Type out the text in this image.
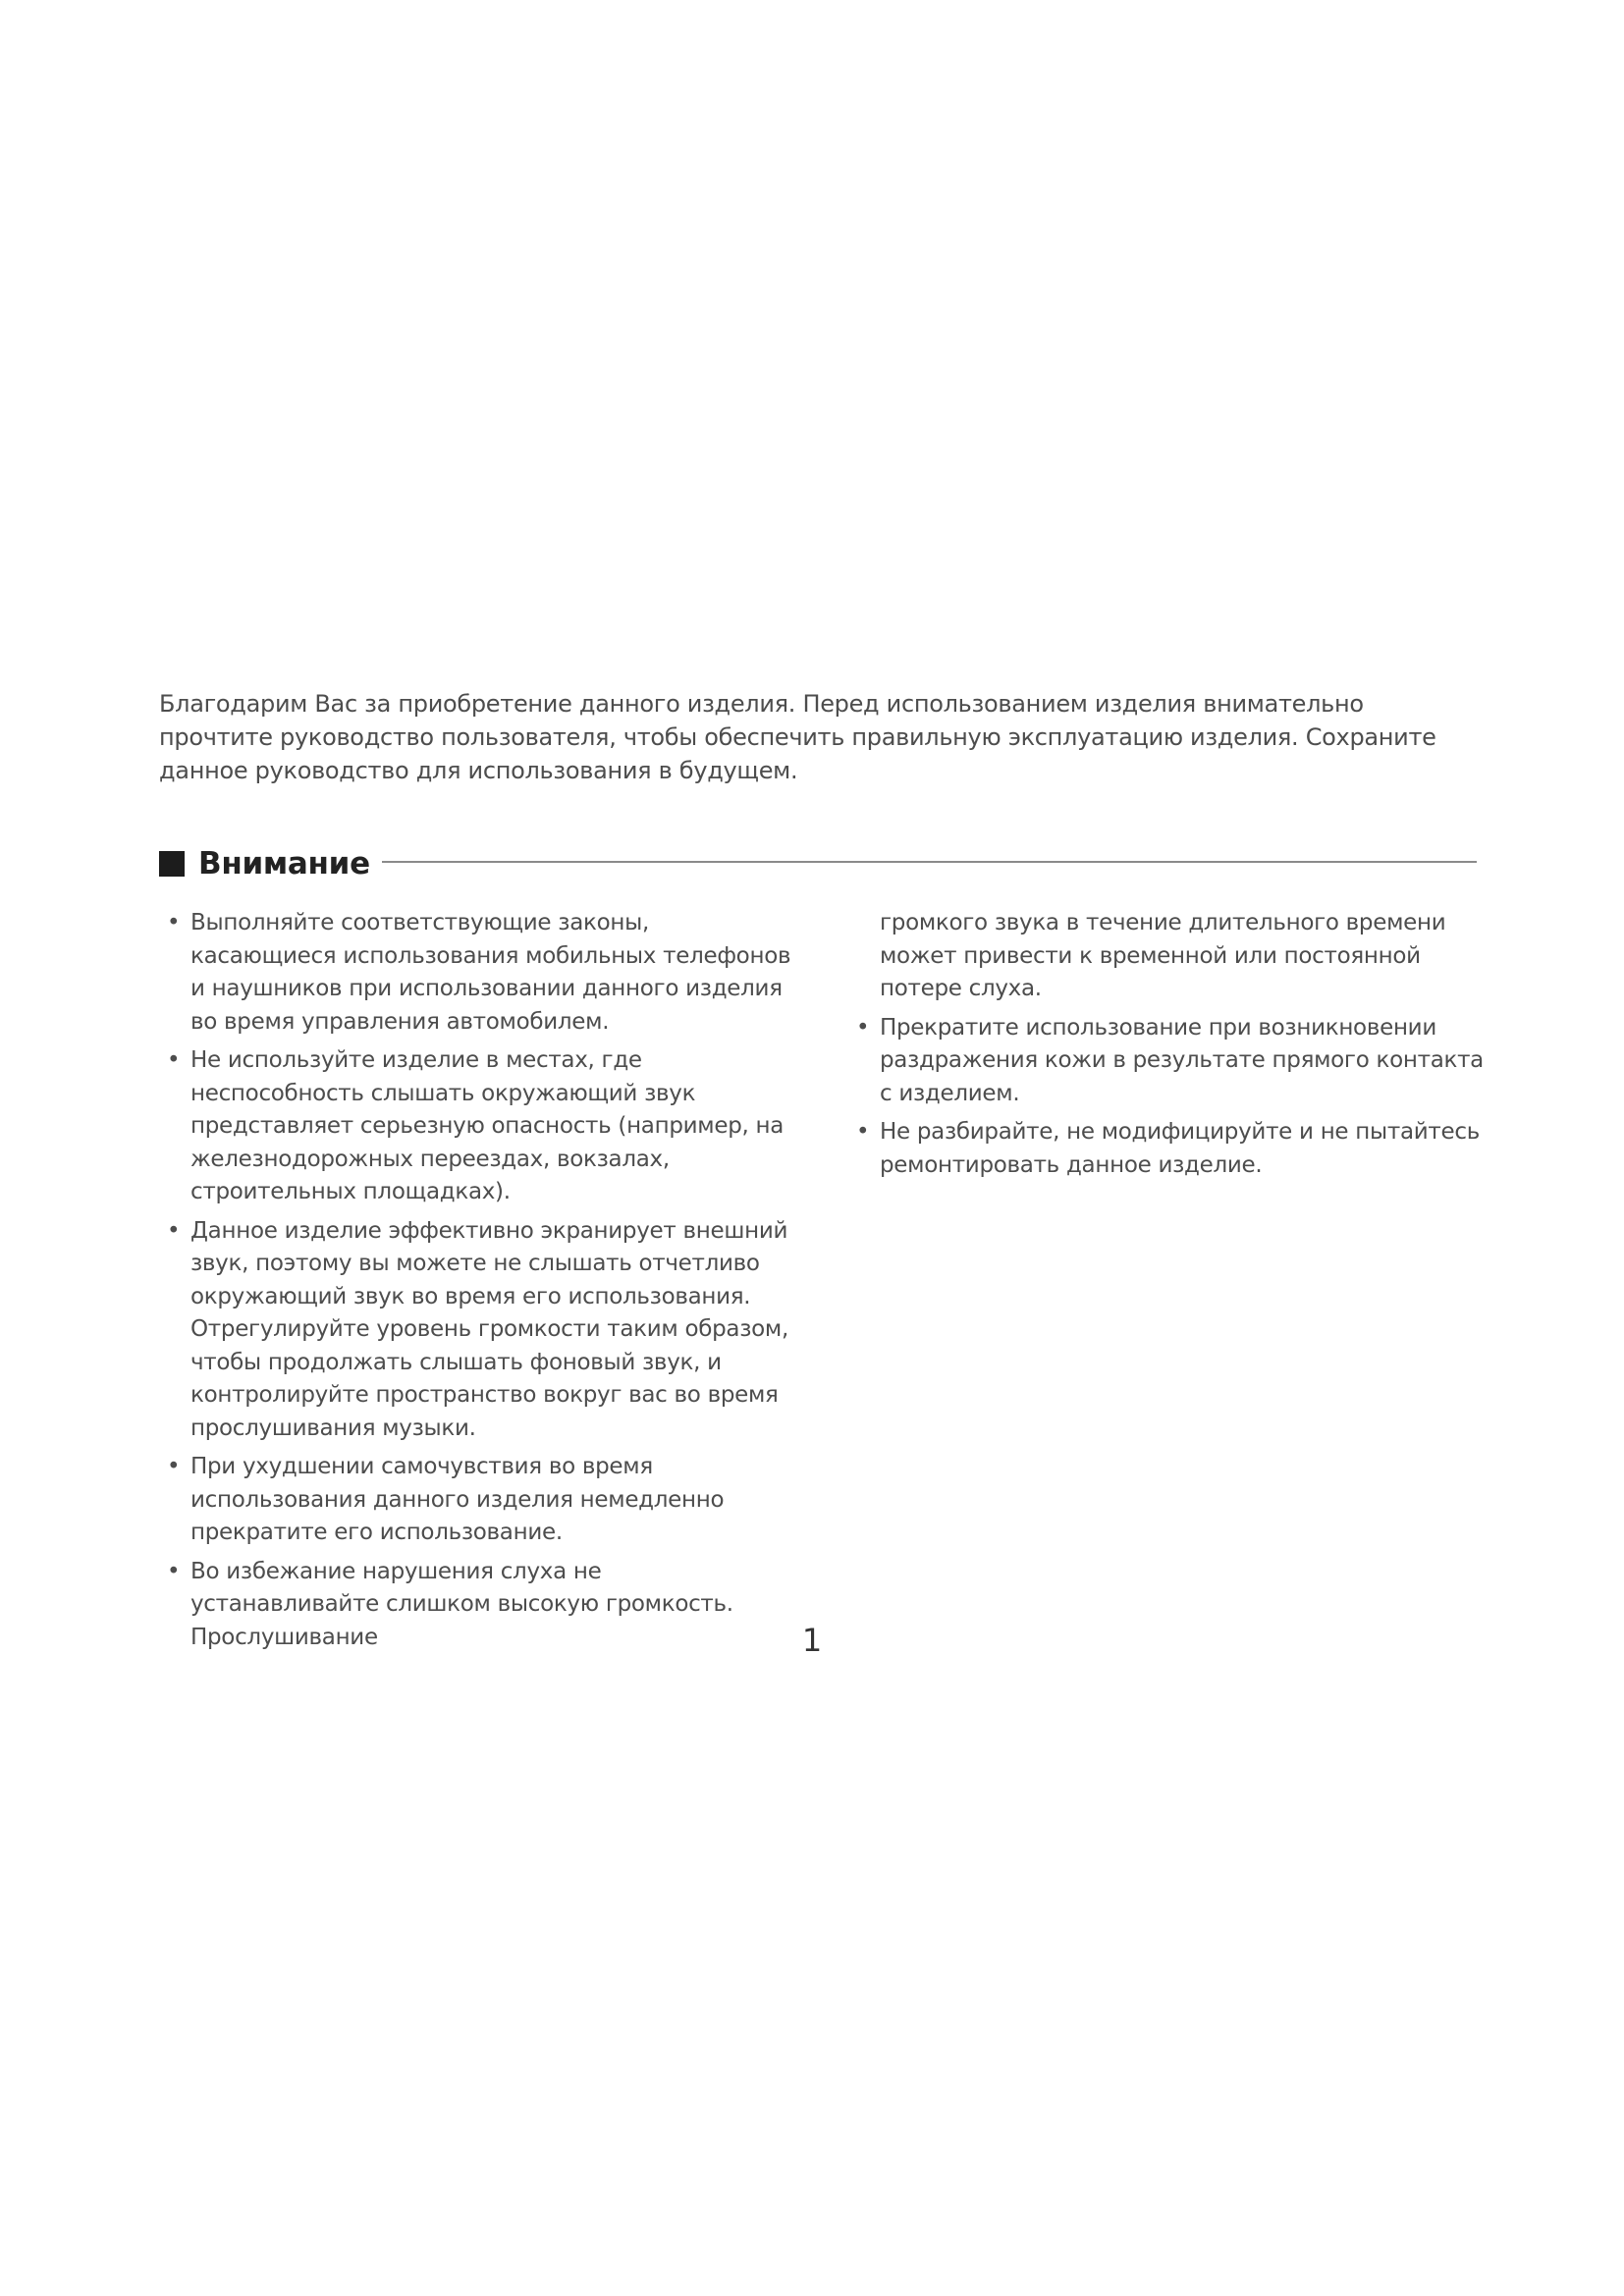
Благодарим Вас за приобретение данного изделия. Перед использованием изделия внимательно прочтите руководство пользователя, чтобы обеспечить правильную эксплуатацию изделия. Сохраните данное руководство для использования в будущем.

Внимание
• Выполняйте соответствующие законы, касающиеся использования мобильных телефонов и наушников при использовании данного изделия во время управления автомобилем.
• Не используйте изделие в местах, где неспособность слышать окружающий звук представляет серьезную опасность (например, на железнодорожных переездах, вокзалах, строительных площадках).
• Данное изделие эффективно экранирует внешний звук, поэтому вы можете не слышать отчетливо окружающий звук во время его использования. Отрегулируйте уровень громкости таким образом, чтобы продолжать слышать фоновый звук, и контролируйте пространство вокруг вас во время прослушивания музыки.
• При ухудшении самочувствия во время использования данного изделия немедленно прекратите его использование.
• Во избежание нарушения слуха не устанавливайте слишком высокую громкость. Прослушивание
громкого звука в течение длительного времени может привести к временной или постоянной потере слуха.
• Прекратите использование при возникновении раздражения кожи в результате прямого контакта с изделием.
• Не разбирайте, не модифицируйте и не пытайтесь ремонтировать данное изделие.
1
